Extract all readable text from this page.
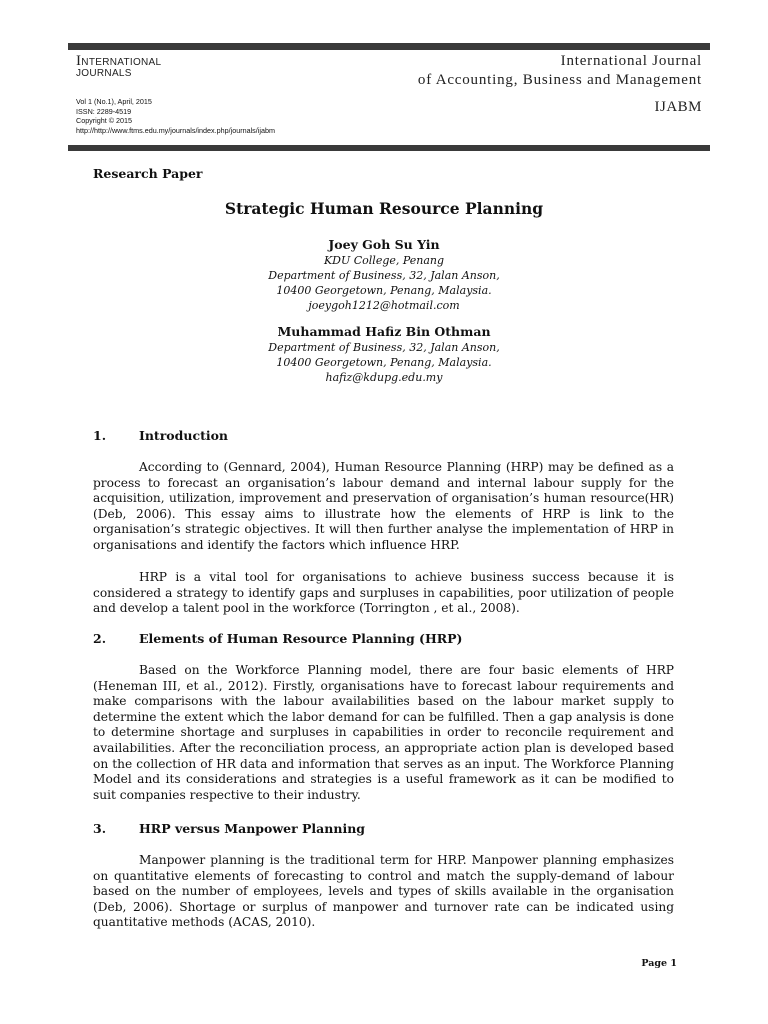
INTERNATIONAL
JOURNALS
Vol 1 (No.1), April, 2015
ISSN: 2289-4519
Copyright © 2015
http://http://www.ftms.edu.my/journals/index.php/journals/ijabm
International Journal
of Accounting, Business and Management
IJABM
Research Paper
Strategic Human Resource Planning
Joey Goh Su Yin
KDU College, Penang
Department of Business, 32, Jalan Anson,
10400 Georgetown, Penang, Malaysia.
joeygoh1212@hotmail.com
Muhammad Hafiz Bin Othman
Department of Business, 32, Jalan Anson,
10400 Georgetown, Penang, Malaysia.
hafiz@kdupg.edu.my
1.	Introduction
According to (Gennard, 2004), Human Resource Planning (HRP) may be defined as a process to forecast an organisation’s labour demand and internal labour supply for the acquisition, utilization, improvement and preservation of organisation’s human resource(HR) (Deb, 2006). This essay aims to illustrate how the elements of HRP is link to the organisation’s strategic objectives. It will then further analyse the implementation of HRP in organisations and identify the factors which influence HRP.
HRP is a vital tool for organisations to achieve business success because it is considered a strategy to identify gaps and surpluses in capabilities, poor utilization of people and develop a talent pool in the workforce (Torrington , et al., 2008).
2.	Elements of Human Resource Planning (HRP)
Based on the Workforce Planning model, there are four basic elements of HRP (Heneman III, et al., 2012). Firstly, organisations have to forecast labour requirements and make comparisons with the labour availabilities based on the labour market supply to determine the extent which the labor demand for can be fulfilled. Then a gap analysis is done to determine shortage and surpluses in capabilities in order to reconcile requirement and availabilities. After the reconciliation process, an appropriate action plan is developed based on the collection of HR data and information that serves as an input. The Workforce Planning Model and its considerations and strategies is a useful framework as it can be modified to suit companies respective to their industry.
3.	HRP versus Manpower Planning
Manpower planning is the traditional term for HRP. Manpower planning emphasizes on quantitative elements of forecasting to control and match the supply-demand of labour based on the number of employees, levels and types of skills available in the organisation (Deb, 2006). Shortage or surplus of manpower and turnover rate can be indicated using quantitative methods (ACAS, 2010).
Page 1
